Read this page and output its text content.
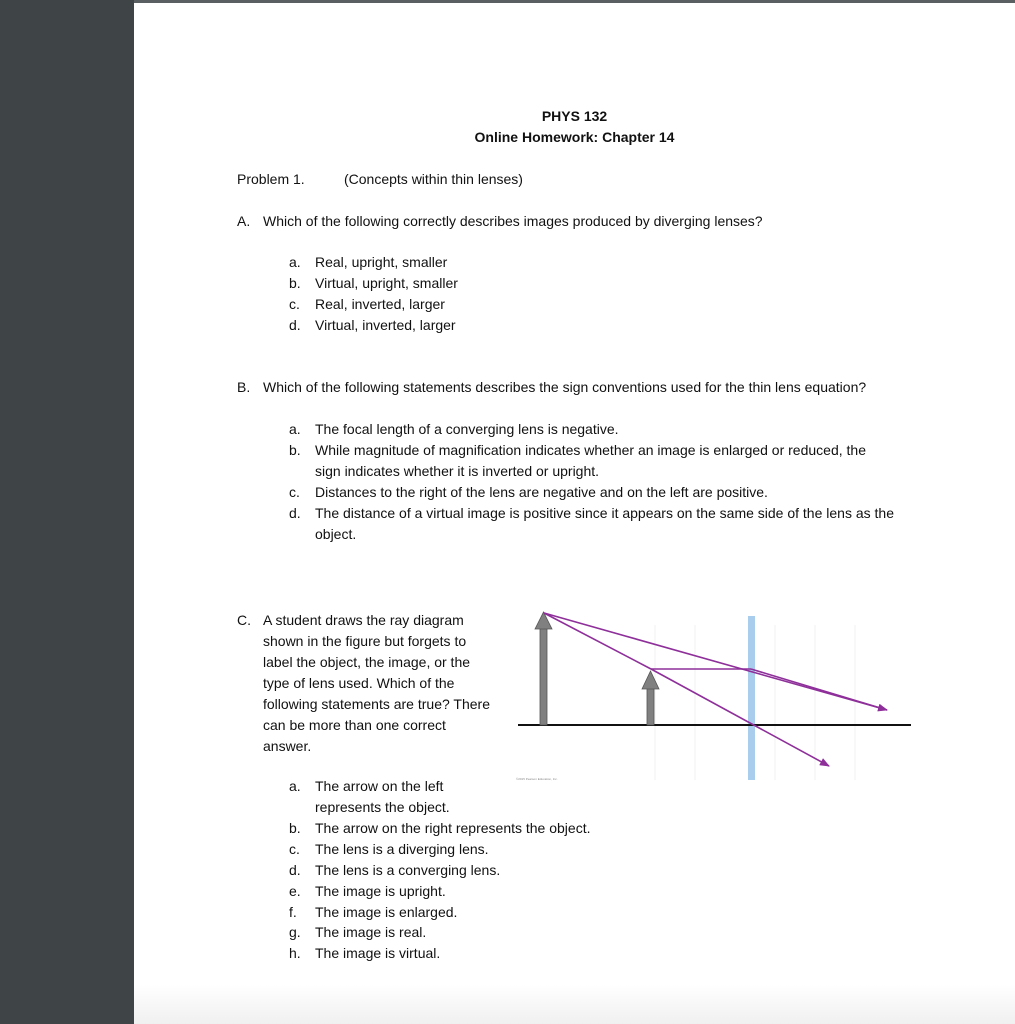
PHYS 132
Online Homework: Chapter 14
Problem 1.	(Concepts within thin lenses)
A. Which of the following correctly describes images produced by diverging lenses?
a. Real, upright, smaller
b. Virtual, upright, smaller
c. Real, inverted, larger
d. Virtual, inverted, larger
B. Which of the following statements describes the sign conventions used for the thin lens equation?
a. The focal length of a converging lens is negative.
b. While magnitude of magnification indicates whether an image is enlarged or reduced, the
sign indicates whether it is inverted or upright.
c. Distances to the right of the lens are negative and on the left are positive.
d. The distance of a virtual image is positive since it appears on the same side of the lens as the
object.
C. A student draws the ray diagram
shown in the figure but forgets to
label the object, the image, or the
type of lens used. Which of the
following statements are true? There
can be more than one correct
answer.
©2015 Pearson Education, Inc.
a. The arrow on the left
represents the object.
b. The arrow on the right represents the object.
c. The lens is a diverging lens.
d. The lens is a converging lens.
e. The image is upright.
f. The image is enlarged.
g. The image is real.
h. The image is virtual.
